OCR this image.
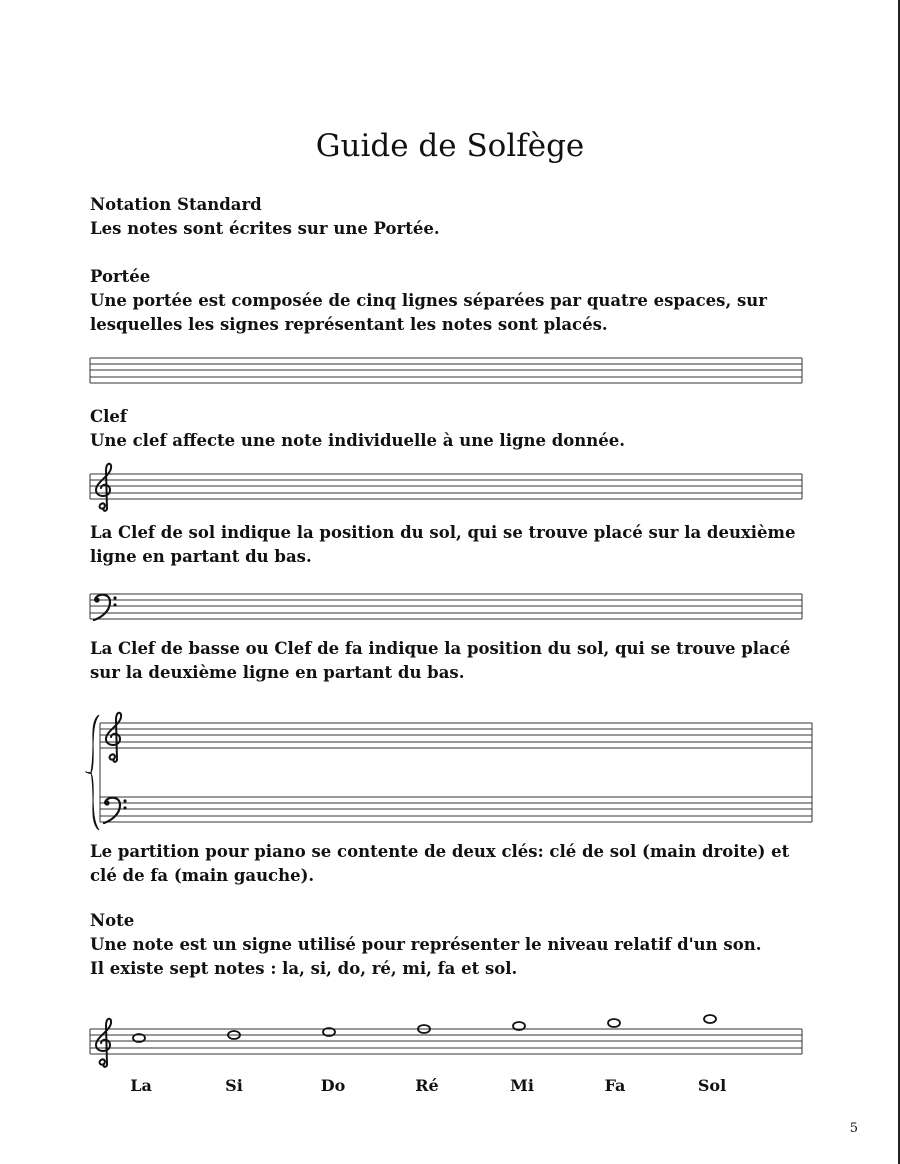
Guide de Solfège
Notation Standard
Les notes sont écrites sur une Portée.
Portée
Une portée est composée de cinq lignes séparées par quatre espaces, sur lesquelles les signes représentant les notes sont placés.
Clef
Une clef affecte une note individuelle à une ligne donnée.
La Clef de sol indique la position du sol, qui se trouve placé sur la deuxième ligne en partant du bas.
La Clef de basse ou Clef de fa indique la position du sol, qui se trouve placé sur la deuxième ligne en partant du bas.
Le partition pour piano se contente de deux clés: clé de sol (main droite) et clé de fa (main gauche).
Note
Une note est un signe utilisé pour représenter le niveau relatif d'un son.
Il existe sept notes : la, si, do, ré, mi, fa et sol.
La	Si	Do	Ré	Mi	Fa	Sol
5
